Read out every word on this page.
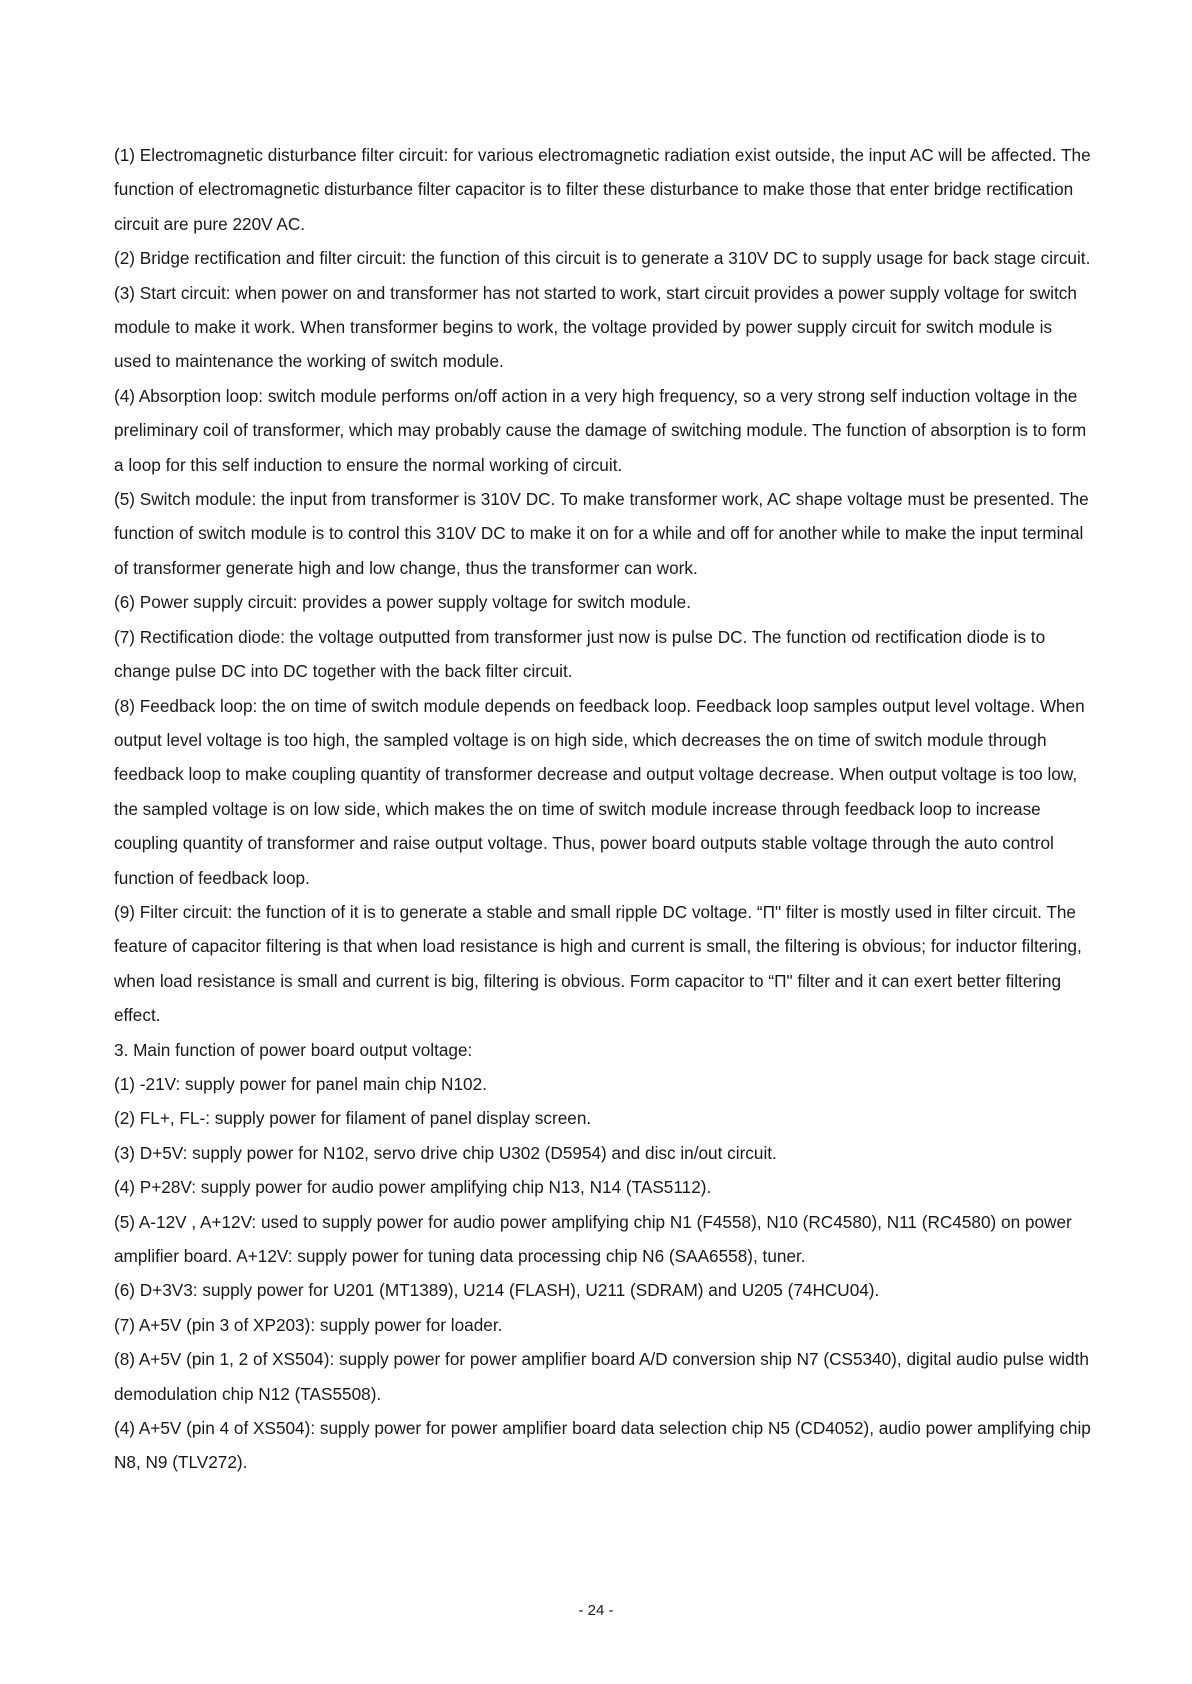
(1) Electromagnetic disturbance filter circuit: for various electromagnetic radiation exist outside, the input AC will be affected. The function of electromagnetic disturbance filter capacitor is to filter these disturbance to make those that enter bridge rectification circuit are pure 220V AC.

(2) Bridge rectification and filter circuit: the function of this circuit is to generate a 310V DC to supply usage for back stage circuit.

(3) Start circuit: when power on and transformer has not started to work, start circuit provides a power supply voltage for switch module to make it work. When transformer begins to work, the voltage provided by power supply circuit for switch module is used to maintenance the working of switch module.

(4) Absorption loop: switch module performs on/off action in a very high frequency, so a very strong self induction voltage in the preliminary coil of transformer, which may probably cause the damage of switching module. The function of absorption is to form a loop for this self induction to ensure the normal working of circuit.

(5) Switch module: the input from transformer is 310V DC. To make transformer work, AC shape voltage must be presented. The function of switch module is to control this 310V DC to make it on for a while and off for another while to make the input terminal of transformer generate high and low change, thus the transformer can work.

(6) Power supply circuit: provides a power supply voltage for switch module.

(7) Rectification diode: the voltage outputted from transformer just now is pulse DC. The function od rectification diode is to change pulse DC into DC together with the back filter circuit.

(8) Feedback loop: the on time of switch module depends on feedback loop. Feedback loop samples output level voltage. When output level voltage is too high, the sampled voltage is on high side, which decreases the on time of switch module through feedback loop to make coupling quantity of transformer decrease and output voltage decrease. When output voltage is too low, the sampled voltage is on low side, which makes the on time of switch module increase through feedback loop to increase coupling quantity of transformer and raise output voltage. Thus, power board outputs stable voltage through the auto control function of feedback loop.

(9) Filter circuit: the function of it is to generate a stable and small ripple DC voltage. “Π" filter is mostly used in filter circuit. The feature of capacitor filtering is that when load resistance is high and current is small, the filtering is obvious; for inductor filtering, when load resistance is small and current is big, filtering is obvious. Form capacitor to “Π" filter and it can exert better filtering effect.

3. Main function of power board output voltage:

(1) -21V: supply power for panel main chip N102.

(2) FL+, FL-: supply power for filament of panel display screen.

(3) D+5V: supply power for N102, servo drive chip U302 (D5954) and disc in/out circuit.

(4) P+28V: supply power for audio power amplifying chip N13, N14 (TAS5112).

(5) A-12V , A+12V: used to supply power for audio power amplifying chip N1 (F4558), N10 (RC4580), N11 (RC4580) on power amplifier board. A+12V: supply power for tuning data processing chip N6 (SAA6558), tuner.

(6) D+3V3: supply power for U201 (MT1389), U214 (FLASH), U211 (SDRAM) and U205 (74HCU04).

(7) A+5V (pin 3 of XP203): supply power for loader.

(8) A+5V (pin 1, 2 of XS504): supply power for power amplifier board A/D conversion ship N7 (CS5340), digital audio pulse width demodulation chip N12 (TAS5508).

(4) A+5V (pin 4 of XS504): supply power for power amplifier board data selection chip N5 (CD4052), audio power amplifying chip N8, N9 (TLV272).

- 24 -
